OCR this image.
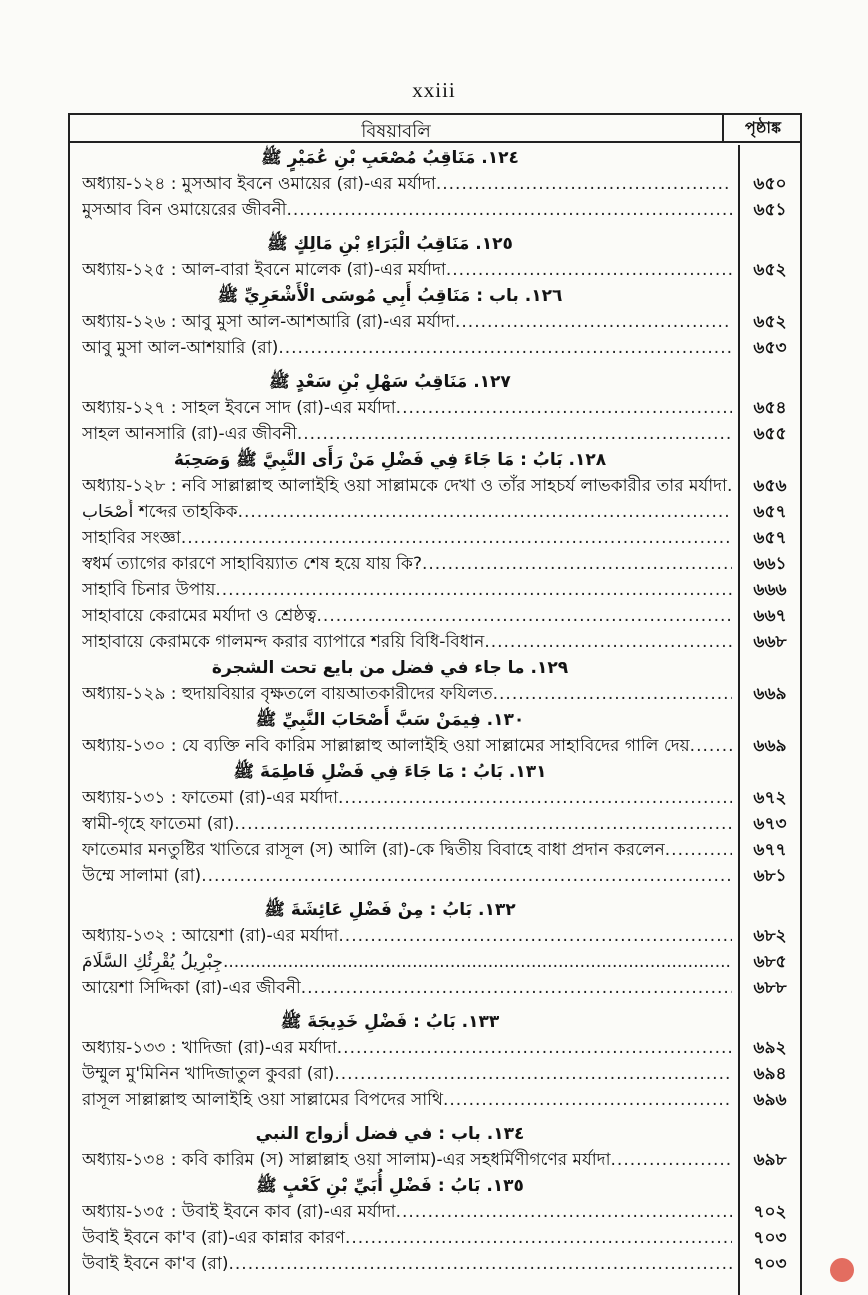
xxiii
বিষয়াবলি	পৃষ্ঠাঙ্ক
١٢٤. مَنَاقِبُ مُصْعَبِ بْنِ عُمَيْرٍ ﷺ
অধ্যায়-১২৪ : মুসআব ইবনে ওমায়ের (রা)-এর মর্যাদা .....	৬৫০
মুসআব বিন ওমায়েরের জীবনী .....	৬৫১
١٢٥. مَنَاقِبُ الْبَرَاءِ بْنِ مَالِكٍ ﷺ
অধ্যায়-১২৫ : আল-বারা ইবনে মালেক (রা)-এর মর্যাদা .....	৬৫২
١٢٦. باب : مَنَاقِبُ أَبِي مُوسَى الْأَشْعَرِيِّ ﷺ
অধ্যায়-১২৬ : আবু মুসা আল-আশআরি (রা)-এর মর্যাদা .....	৬৫২
আবু মুসা আল-আশয়ারি (রা) .....	৬৫৩
١٢٧. مَنَاقِبُ سَهْلِ بْنِ سَعْدٍ ﷺ
অধ্যায়-১২৭ : সাহল ইবনে সাদ (রা)-এর মর্যাদা .....	৬৫৪
সাহল আনসারি (রা)-এর জীবনী .....	৬৫৫
١٢٨. بَابُ : مَا جَاءَ فِي فَضْلِ مَنْ رَأَى النَّبِيَّ ﷺ وَصَحِبَهُ
অধ্যায়-১২৮ : নবি সাল্লাল্লাহু আলাইহি ওয়া সাল্লামকে দেখা ও তাঁর সাহচর্য লাভকারীর তার মর্যাদা ..... ৬৫৬
أَصْحَاب শব্দের তাহকিক .....	৬৫৭
সাহাবির সংজ্ঞা .....	৬৫৭
স্বধর্ম ত্যাগের কারণে সাহাবিয়্যাত শেষ হয়ে যায় কি? .....	৬৬১
সাহাবি চিনার উপায় .....	৬৬৬
সাহাবায়ে কেরামের মর্যাদা ও শ্রেষ্ঠত্ব .....	৬৬৭
সাহাবায়ে কেরামকে গালমন্দ করার ব্যাপারে শরয়ি বিধি-বিধান .....	৬৬৮
١٢٩. ما جاء في فضل من بايع تحت الشجرة
অধ্যায়-১২৯ : হুদায়বিয়ার বৃক্ষতলে বায়আতকারীদের ফযিলত .....	৬৬৯
١٣٠. فِيمَنْ سَبَّ أَصْحَابَ النَّبِيِّ ﷺ
অধ্যায়-১৩০ : যে ব্যক্তি নবি কারিম সাল্লাল্লাহু আলাইহি ওয়া সাল্লামের সাহাবিদের গালি দেয় .....	৬৬৯
١٣١. بَابُ : مَا جَاءَ فِي فَضْلِ فَاطِمَةَ ﷺ
অধ্যায়-১৩১ : ফাতেমা (রা)-এর মর্যাদা .....	৬৭২
স্বামী-গৃহে ফাতেমা (রা) .....	৬৭৩
ফাতেমার মনতুষ্টির খাতিরে রাসূল (স) আলি (রা)-কে দ্বিতীয় বিবাহে বাধা প্রদান করলেন .....	৬৭৭
উম্মে সালামা (রা) .....	৬৮১
١٣٢. بَابُ : مِنْ فَضْلِ عَائِشَةَ ﷺ
অধ্যায়-১৩২ : আয়েশা (রা)-এর মর্যাদা .....	৬৮২
جِبْرِيلُ يُقْرِئُكِ السَّلَامَ .....	৬৮৫
আয়েশা সিদ্দিকা (রা)-এর জীবনী .....	৬৮৮
١٣٣. بَابُ : فَضْلِ خَدِيجَةَ ﷺ
অধ্যায়-১৩৩ : খাদিজা (রা)-এর মর্যাদা .....	৬৯২
উম্মুল মু'মিনিন খাদিজাতুল কুবরা (রা) .....	৬৯৪
রাসূল সাল্লাল্লাহু আলাইহি ওয়া সাল্লামের বিপদের সাথি .....	৬৯৬
١٣٤. باب : في فضل أزواج النبي
অধ্যায়-১৩৪ : কবি কারিম (স) সাল্লাল্লাহ ওয়া সালাম)-এর সহধর্মিণীগণের মর্যাদা .....	৬৯৮
١٣٥. بَابُ : فَضْلِ أُبَيِّ بْنِ كَعْبٍ ﷺ
অধ্যায়-১৩৫ : উবাই ইবনে কাব (রা)-এর মর্যাদা .....	৭০২
উবাই ইবনে কা'ব (রা)-এর কান্নার কারণ .....	৭০৩
উবাই ইবনে কা'ব (রা) .....	৭০৩
